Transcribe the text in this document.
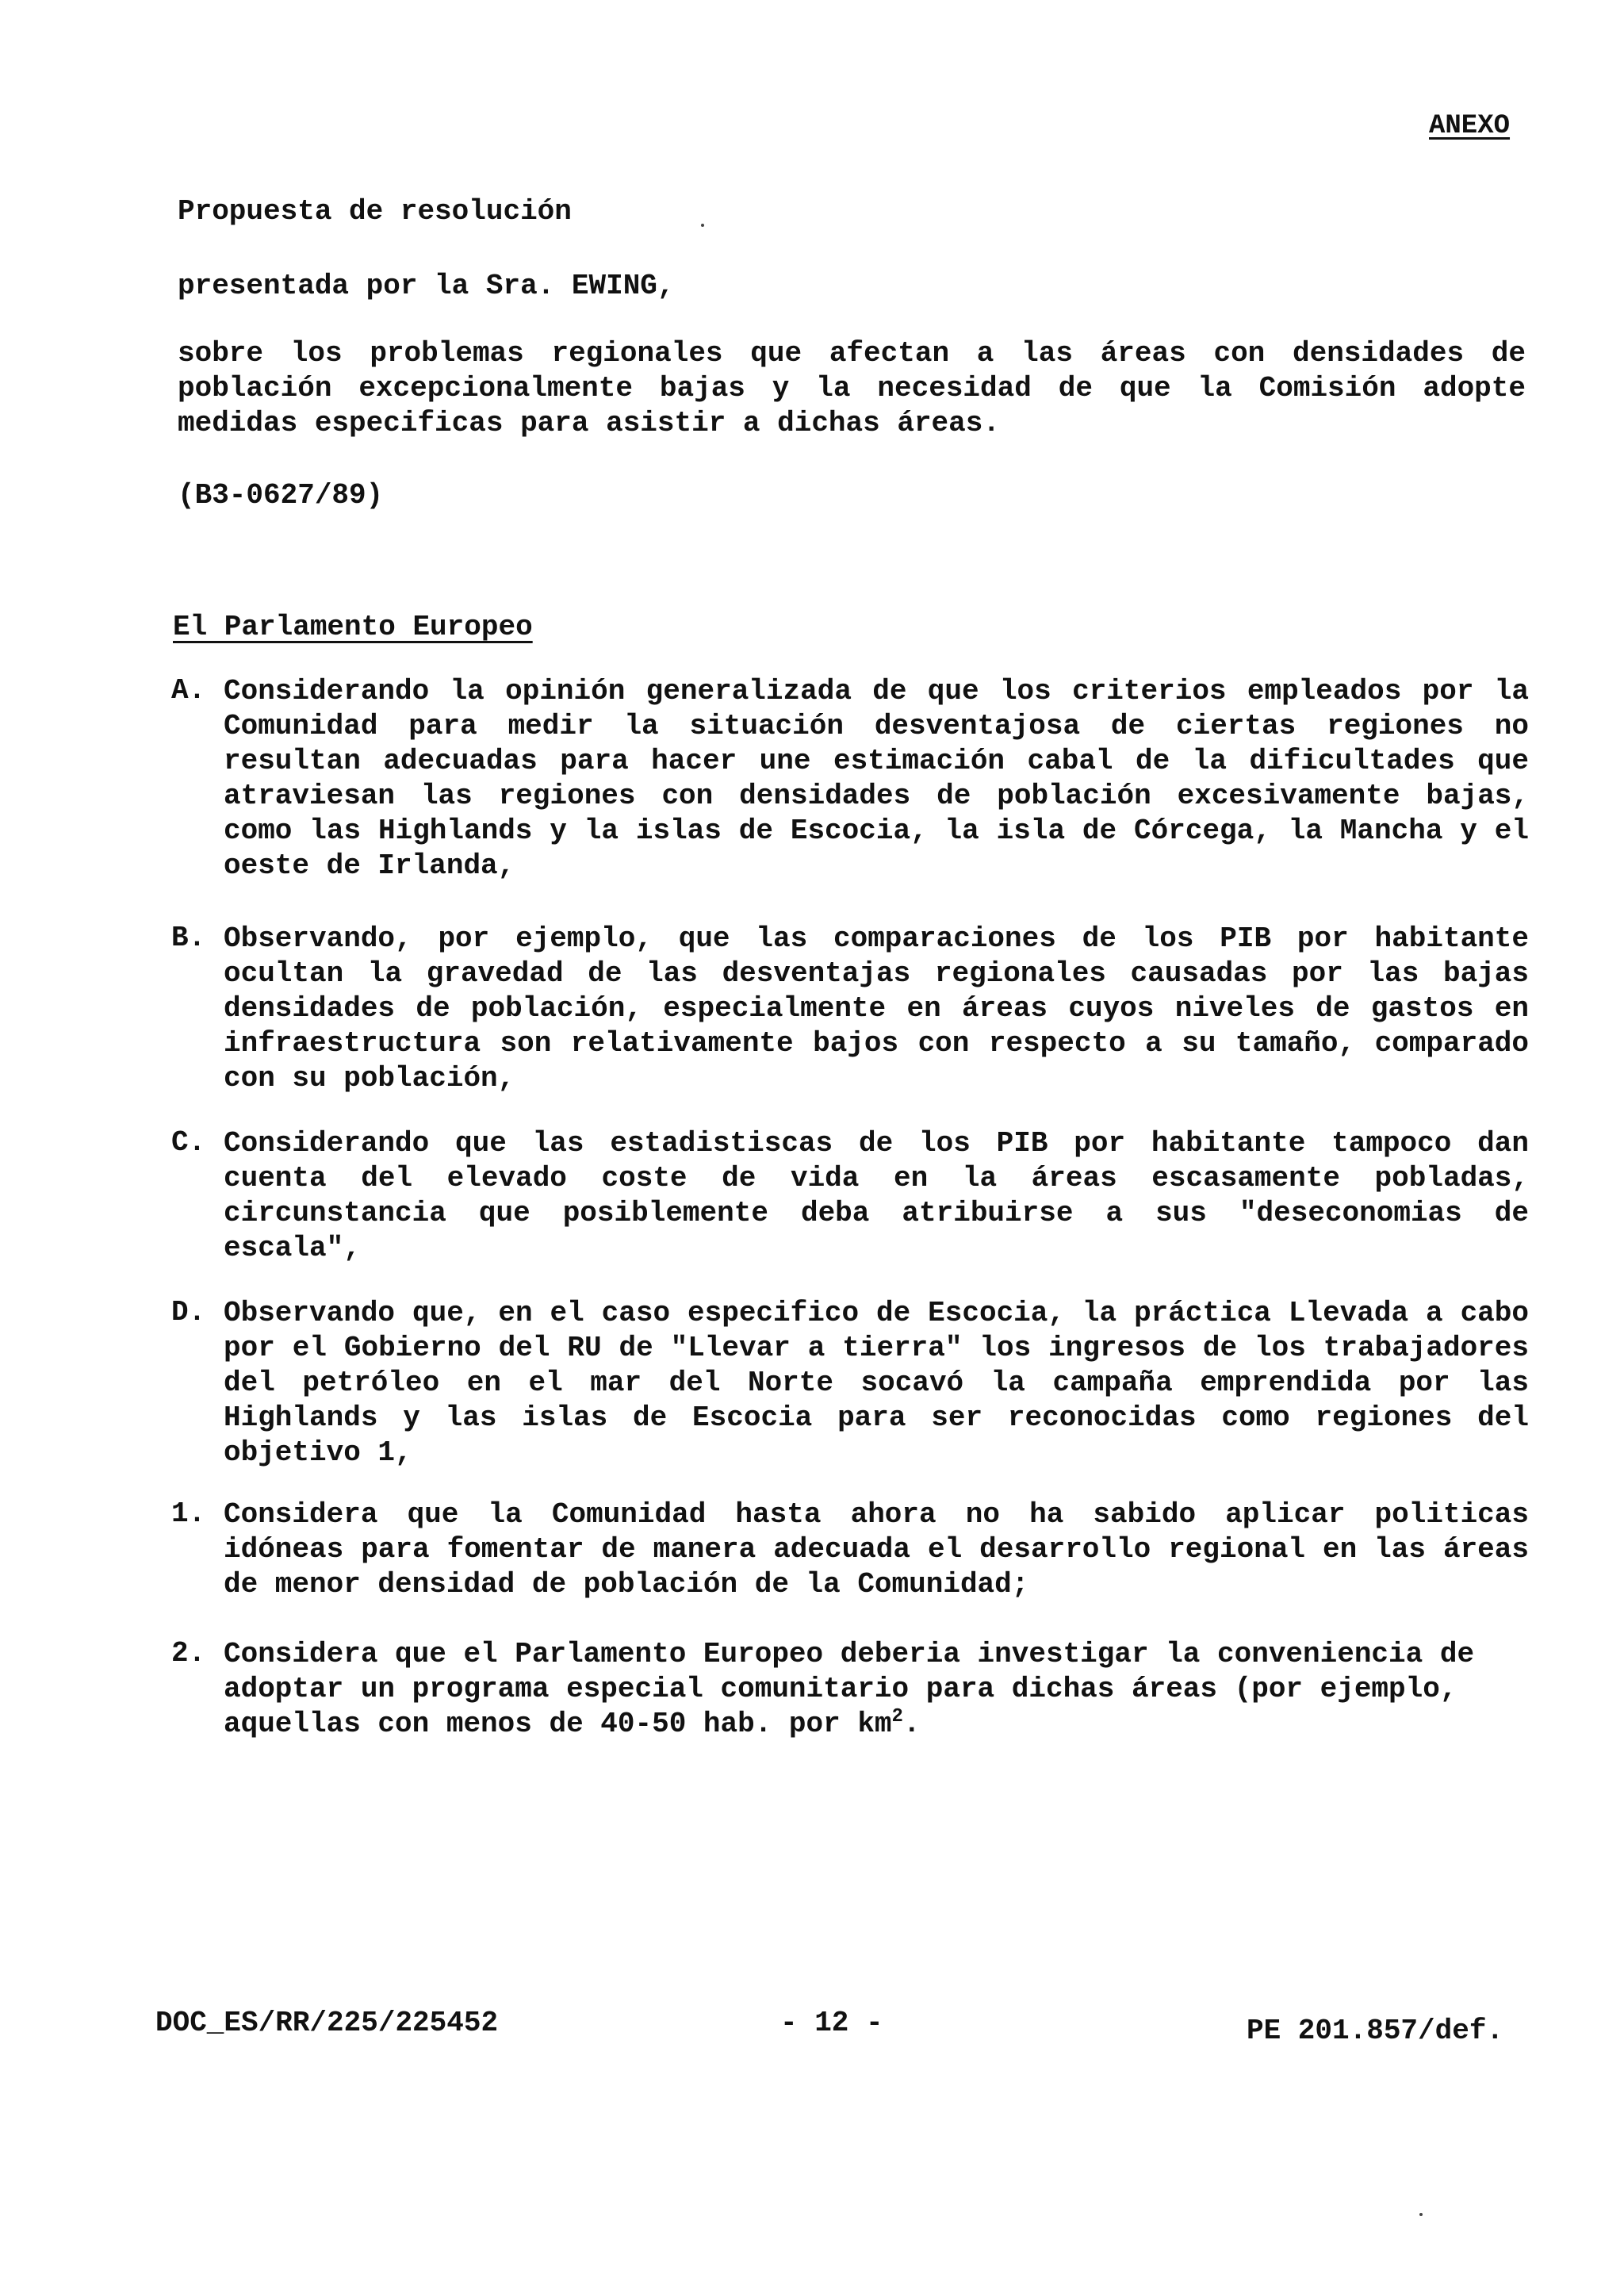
ANEXO
Propuesta de resolución
presentada por la Sra. EWING,
sobre los problemas regionales que afectan a las áreas con densidades de población excepcionalmente bajas y la necesidad de que la Comisión adopte medidas especificas para asistir a dichas áreas.
(B3-0627/89)
El Parlamento Europeo
A. Considerando la opinión generalizada de que los criterios empleados por la Comunidad para medir la situación desventajosa de ciertas regiones no resultan adecuadas para hacer une estimación cabal de la dificultades que atraviesan las regiones con densidades de población excesivamente bajas, como las Highlands y la islas de Escocia, la isla de Córcega, la Mancha y el oeste de Irlanda,
B. Observando, por ejemplo, que las comparaciones de los PIB por habitante ocultan la gravedad de las desventajas regionales causadas por las bajas densidades de población, especialmente en áreas cuyos niveles de gastos en infraestructura son relativamente bajos con respecto a su tamaño, comparado con su población,
C. Considerando que las estadistiscas de los PIB por habitante tampoco dan cuenta del elevado coste de vida en la áreas escasamente pobladas, circunstancia que posiblemente deba atribuirse a sus "deseconomias de escala",
D. Observando que, en el caso especifico de Escocia, la práctica Llevada a cabo por el Gobierno del RU de "Llevar a tierra" los ingresos de los trabajadores del petróleo en el mar del Norte socavó la campaña emprendida por las Highlands y las islas de Escocia para ser reconocidas como regiones del objetivo 1,
1. Considera que la Comunidad hasta ahora no ha sabido aplicar politicas idóneas para fomentar de manera adecuada el desarrollo regional en las áreas de menor densidad de población de la Comunidad;
2. Considera que el Parlamento Europeo deberia investigar la conveniencia de adoptar un programa especial comunitario para dichas áreas (por ejemplo, aquellas con menos de 40-50 hab. por $km^2$.
DOC_ES/RR/225/225452	- 12 -	PE 201.857/def.
